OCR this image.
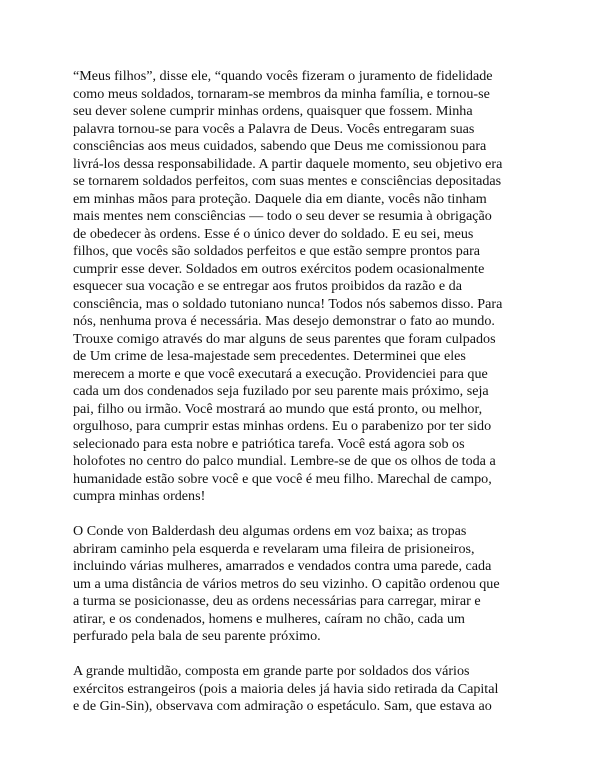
“Meus filhos”, disse ele, “quando vocês fizeram o juramento de fidelidade
como meus soldados, tornaram-se membros da minha família, e tornou-se
seu dever solene cumprir minhas ordens, quaisquer que fossem. Minha
palavra tornou-se para vocês a Palavra de Deus. Vocês entregaram suas
consciências aos meus cuidados, sabendo que Deus me comissionou para
livrá-los dessa responsabilidade. A partir daquele momento, seu objetivo era
se tornarem soldados perfeitos, com suas mentes e consciências depositadas
em minhas mãos para proteção. Daquele dia em diante, vocês não tinham
mais mentes nem consciências — todo o seu dever se resumia à obrigação
de obedecer às ordens. Esse é o único dever do soldado. E eu sei, meus
filhos, que vocês são soldados perfeitos e que estão sempre prontos para
cumprir esse dever. Soldados em outros exércitos podem ocasionalmente
esquecer sua vocação e se entregar aos frutos proibidos da razão e da
consciência, mas o soldado tutoniano nunca! Todos nós sabemos disso. Para
nós, nenhuma prova é necessária. Mas desejo demonstrar o fato ao mundo.
Trouxe comigo através do mar alguns de seus parentes que foram culpados
de Um crime de lesa-majestade sem precedentes. Determinei que eles
merecem a morte e que você executará a execução. Providenciei para que
cada um dos condenados seja fuzilado por seu parente mais próximo, seja
pai, filho ou irmão. Você mostrará ao mundo que está pronto, ou melhor,
orgulhoso, para cumprir estas minhas ordens. Eu o parabenizo por ter sido
selecionado para esta nobre e patriótica tarefa. Você está agora sob os
holofotes no centro do palco mundial. Lembre-se de que os olhos de toda a
humanidade estão sobre você e que você é meu filho. Marechal de campo,
cumpra minhas ordens!

O Conde von Balderdash deu algumas ordens em voz baixa; as tropas
abriram caminho pela esquerda e revelaram uma fileira de prisioneiros,
incluindo várias mulheres, amarrados e vendados contra uma parede, cada
um a uma distância de vários metros do seu vizinho. O capitão ordenou que
a turma se posicionasse, deu as ordens necessárias para carregar, mirar e
atirar, e os condenados, homens e mulheres, caíram no chão, cada um
perfurado pela bala de seu parente próximo.

A grande multidão, composta em grande parte por soldados dos vários
exércitos estrangeiros (pois a maioria deles já havia sido retirada da Capital
e de Gin-Sin), observava com admiração o espetáculo. Sam, que estava ao
